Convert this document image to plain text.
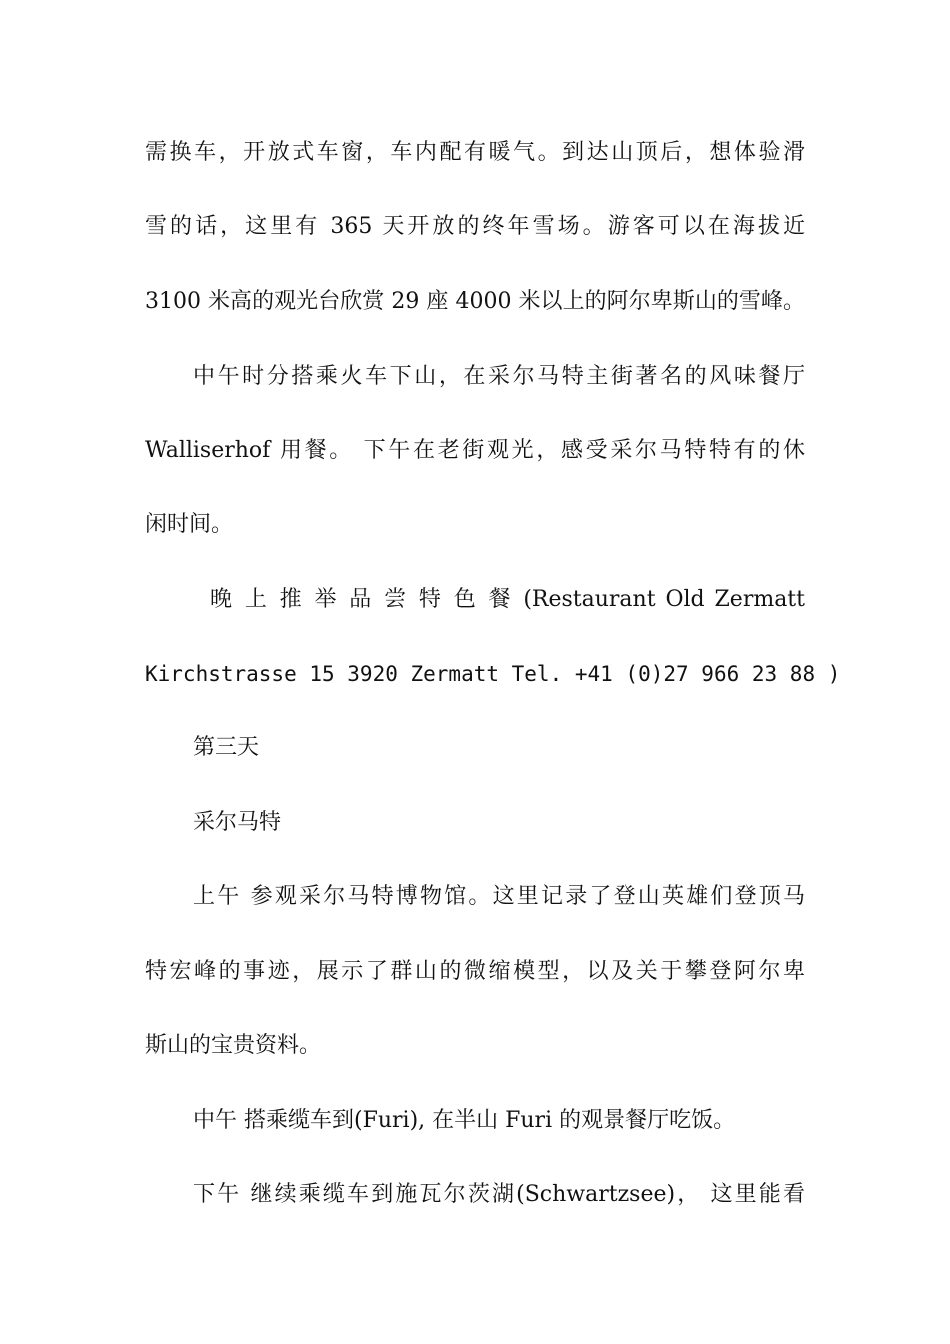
需换车，开放式车窗，车内配有暖气。到达山顶后，想体验滑
雪的话，这里有 365 天开放的终年雪场。游客可以在海拔近
3100 米高的观光台欣赏 29 座 4000 米以上的阿尔卑斯山的雪峰。
中午时分搭乘火车下山，在采尔马特主街著名的风味餐厅
Walliserhof 用餐。 下午在老街观光，感受采尔马特特有的休
闲时间。
晚 上 推 举 品 尝 特 色 餐 (Restaurant Old Zermatt
Kirchstrasse 15 3920 Zermatt Tel. +41 (0)27 966 23 88 )
第三天
采尔马特
上午 参观采尔马特博物馆。这里记录了登山英雄们登顶马
特宏峰的事迹，展示了群山的微缩模型，以及关于攀登阿尔卑
斯山的宝贵资料。
中午 搭乘缆车到(Furi), 在半山 Furi 的观景餐厅吃饭。
下午 继续乘缆车到施瓦尔茨湖(Schwartzsee)， 这里能看
